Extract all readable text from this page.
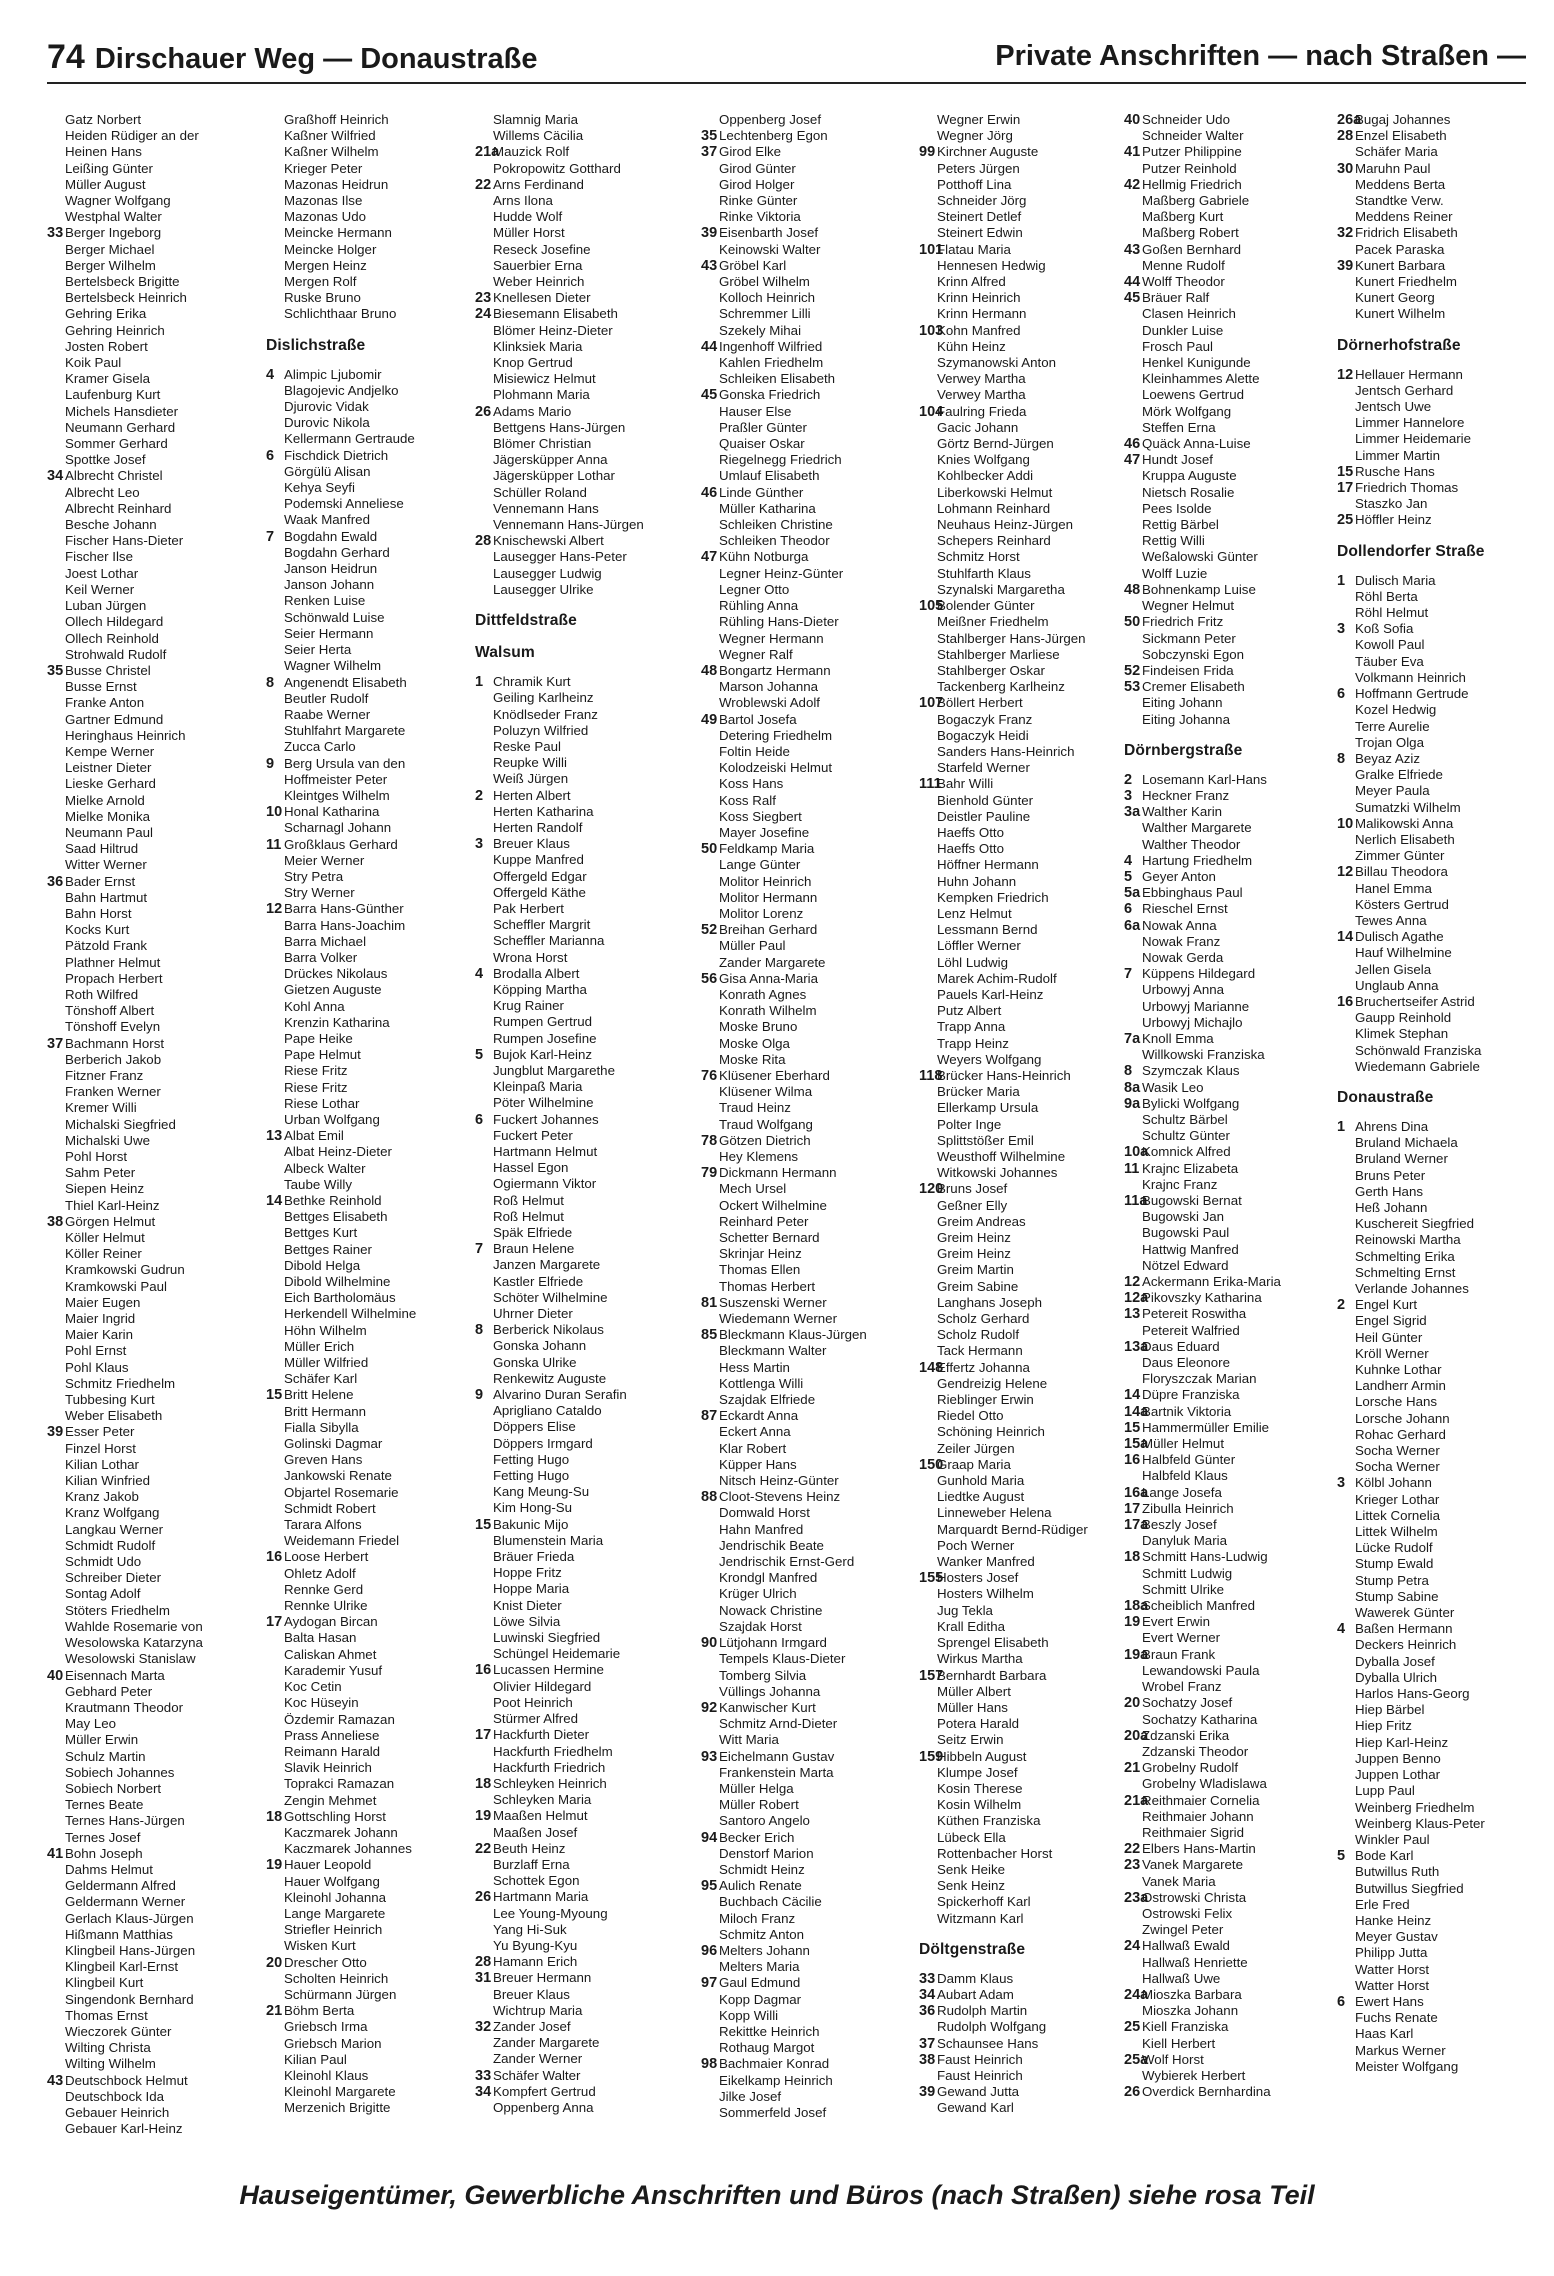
74 Dirschauer Weg — Donaustraße	Private Anschriften — nach Straßen —
Gatz Norbert
Heiden Rüdiger an der
Heinen Hans
Leißing Günter
Müller August
Wagner Wolfgang
Westphal Walter
33 Berger Ingeborg
Berger Michael
Berger Wilhelm
Bertelsbeck Brigitte
Bertelsbeck Heinrich
Gehring Erika
Gehring Heinrich
Josten Robert
Koik Paul
Kramer Gisela
Laufenburg Kurt
Michels Hansdieter
Neumann Gerhard
Sommer Gerhard
Spottke Josef
34 Albrecht Christel
Albrecht Leo
Albrecht Reinhard
Besche Johann
Fischer Hans-Dieter
Fischer Ilse
Joest Lothar
Keil Werner
Luban Jürgen
Ollech Hildegard
Ollech Reinhold
Strohwald Rudolf
35 Busse Christel
Busse Ernst
Franke Anton
Gartner Edmund
Heringhaus Heinrich
Kempe Werner
Leistner Dieter
Lieske Gerhard
Mielke Arnold
Mielke Monika
Neumann Paul
Saad Hiltrud
Witter Werner
36 Bader Ernst
Bahn Hartmut
Bahn Horst
Kocks Kurt
Pätzold Frank
Plathner Helmut
Propach Herbert
Roth Wilfred
Tönshoff Albert
Tönshoff Evelyn
37 Bachmann Horst
Berberich Jakob
Fitzner Franz
Franken Werner
Kremer Willi
Michalski Siegfried
Michalski Uwe
Pohl Horst
Sahm Peter
Siepen Heinz
Thiel Karl-Heinz
38 Görgen Helmut
Köller Helmut
Köller Reiner
Kramkowski Gudrun
Kramkowski Paul
Maier Eugen
Maier Ingrid
Maier Karin
Pohl Ernst
Pohl Klaus
Schmitz Friedhelm
Tubbesing Kurt
Weber Elisabeth
39 Esser Peter
Finzel Horst
Kilian Lothar
Kilian Winfried
Kranz Jakob
Kranz Wolfgang
Langkau Werner
Schmidt Rudolf
Schmidt Udo
Schreiber Dieter
Sontag Adolf
Stöters Friedhelm
Wahlde Rosemarie von
Wesolowska Katarzyna
Wesolowski Stanislaw
40 Eisennach Marta
Gebhard Peter
Krautmann Theodor
May Leo
Müller Erwin
Schulz Martin
Sobiech Johannes
Sobiech Norbert
Ternes Beate
Ternes Hans-Jürgen
Ternes Josef
41 Bohn Joseph
Dahms Helmut
Geldermann Alfred
Geldermann Werner
Gerlach Klaus-Jürgen
Hißmann Matthias
Klingbeil Hans-Jürgen
Klingbeil Karl-Ernst
Klingbeil Kurt
Singendonk Bernhard
Thomas Ernst
Wieczorek Günter
Wilting Christa
Wilting Wilhelm
43 Deutschbock Helmut
Deutschbock Ida
Gebauer Heinrich
Gebauer Karl-Heinz
Graßhoff Heinrich
Kaßner Wilfried
Kaßner Wilhelm
Krieger Peter
Mazonas Heidrun
Mazonas Ilse
Mazonas Udo
Meincke Hermann
Meincke Holger
Mergen Heinz
Mergen Rolf
Ruske Bruno
Schlichthaar Bruno
Dislichstraße
4 Alimpic Ljubomir
Blagojevic Andjelko
Djurovic Vidak
Durovic Nikola
Kellermann Gertraude
6 Fischdick Dietrich
Görgülü Alisan
Kehya Seyfi
Podemski Anneliese
Waak Manfred
7 Bogdahn Ewald
Bogdahn Gerhard
Janson Heidrun
Janson Johann
Renken Luise
Schönwald Luise
Seier Hermann
Seier Herta
Wagner Wilhelm
8 Angenendt Elisabeth
Beutler Rudolf
Raabe Werner
Stuhlfahrt Margarete
Zucca Carlo
9 Berg Ursula van den
Hoffmeister Peter
Kleintges Wilhelm
10 Honal Katharina
Scharnagl Johann
11 Großklaus Gerhard
Meier Werner
Stry Petra
Stry Werner
12 Barra Hans-Günther
Barra Hans-Joachim
Barra Michael
Barra Volker
Drückes Nikolaus
Gietzen Auguste
Kohl Anna
Krenzin Katharina
Pape Heike
Pape Helmut
Riese Fritz
Riese Fritz
Riese Lothar
Urban Wolfgang
13 Albat Emil
Albat Heinz-Dieter
Albeck Walter
Taube Willy
14 Bethke Reinhold
Bettges Elisabeth
Bettges Kurt
Bettges Rainer
Dibold Helga
Dibold Wilhelmine
Eich Bartholomäus
Herkendell Wilhelmine
Höhn Wilhelm
Müller Erich
Müller Wilfried
Schäfer Karl
15 Britt Helene
Britt Hermann
Fialla Sibylla
Golinski Dagmar
Greven Hans
Jankowski Renate
Objartel Rosemarie
Schmidt Robert
Tarara Alfons
Weidemann Friedel
16 Loose Herbert
Ohletz Adolf
Rennke Gerd
Rennke Ulrike
17 Aydogan Bircan
Balta Hasan
Caliskan Ahmet
Karademir Yusuf
Koc Cetin
Koc Hüseyin
Özdemir Ramazan
Prass Anneliese
Reimann Harald
Slavik Heinrich
Toprakci Ramazan
Zengin Mehmet
18 Gottschling Horst
Kaczmarek Johann
Kaczmarek Johannes
19 Hauer Leopold
Hauer Wolfgang
Kleinohl Johanna
Lange Margarete
Striefler Heinrich
Wisken Kurt
20 Drescher Otto
Scholten Heinrich
Schürmann Jürgen
21 Böhm Berta
Griebsch Irma
Griebsch Marion
Kilian Paul
Kleinohl Klaus
Kleinohl Margarete
Merzenich Brigitte
Slamnig Maria
Willems Cäcilia
21a
Mauzick Rolf
Pokropowitz Gotthard
22 Arns Ferdinand
Arns Ilona
Hudde Wolf
Müller Horst
Reseck Josefine
Sauerbier Erna
Weber Heinrich
23 Knellesen Dieter
24 Biesemann Elisabeth
Blömer Heinz-Dieter
Klinksiek Maria
Knop Gertrud
Misiewicz Helmut
Plohmann Maria
26 Adams Mario
Bettgens Hans-Jürgen
Blömer Christian
Jägersküpper Anna
Jägersküpper Lothar
Schüller Roland
Vennemann Hans
Vennemann Hans-Jürgen
28 Knischewski Albert
Lausegger Hans-Peter
Lausegger Ludwig
Lausegger Ulrike
Dittfeldstraße
Walsum
1 Chramik Kurt
Geiling Karlheinz
Knödlseder Franz
Poluzyn Wilfried
Reske Paul
Reupke Willi
Weiß Jürgen
2 Herten Albert
Herten Katharina
Herten Randolf
3 Breuer Klaus
Kuppe Manfred
Offergeld Edgar
Offergeld Käthe
Pak Herbert
Scheffler Margrit
Scheffler Marianna
Wrona Horst
4 Brodalla Albert
Köpping Martha
Krug Rainer
Rumpen Gertrud
Rumpen Josefine
5 Bujok Karl-Heinz
Jungblut Margarethe
Kleinpaß Maria
Pöter Wilhelmine
6 Fuckert Johannes
Fuckert Peter
Hartmann Helmut
Hassel Egon
Ogiermann Viktor
Roß Helmut
Roß Helmut
Späk Elfriede
7 Braun Helene
Janzen Margarete
Kastler Elfriede
Schöter Wilhelmine
Uhrner Dieter
8 Berberick Nikolaus
Gonska Johann
Gonska Ulrike
Renkewitz Auguste
9 Alvarino Duran Serafin
Aprigliano Cataldo
Döppers Elise
Döppers Irmgard
Fetting Hugo
Fetting Hugo
Kang Meung-Su
Kim Hong-Su
15 Bakunic Mijo
Blumenstein Maria
Bräuer Frieda
Hoppe Fritz
Hoppe Maria
Knist Dieter
Löwe Silvia
Luwinski Siegfried
Schüngel Heidemarie
16 Lucassen Hermine
Olivier Hildegard
Poot Heinrich
Stürmer Alfred
17 Hackfurth Dieter
Hackfurth Friedhelm
Hackfurth Friedrich
18 Schleyken Heinrich
Schleyken Maria
19 Maaßen Helmut
Maaßen Josef
22 Beuth Heinz
Burzlaff Erna
Schottek Egon
26 Hartmann Maria
Lee Young-Myoung
Yang Hi-Suk
Yu Byung-Kyu
28 Hamann Erich
31 Breuer Hermann
Breuer Klaus
Wichtrup Maria
32 Zander Josef
Zander Margarete
Zander Werner
33 Schäfer Walter
34 Kompfert Gertrud
Oppenberg Anna
Oppenberg Josef
35 Lechtenberg Egon
37 Girod Elke
Girod Günter
Girod Holger
Rinke Günter
Rinke Viktoria
39 Eisenbarth Josef
Keinowski Walter
43 Gröbel Karl
Gröbel Wilhelm
Kolloch Heinrich
Schremmer Lilli
Szekely Mihai
44 Ingenhoff Wilfried
Kahlen Friedhelm
Schleiken Elisabeth
45 Gonska Friedrich
Hauser Else
Praßler Günter
Quaiser Oskar
Riegelnegg Friedrich
Umlauf Elisabeth
46 Linde Günther
Müller Katharina
Schleiken Christine
Schleiken Theodor
47 Kühn Notburga
Legner Heinz-Günter
Legner Otto
Rühling Anna
Rühling Hans-Dieter
Wegner Hermann
Wegner Ralf
48 Bongartz Hermann
Marson Johanna
Wroblewski Adolf
49 Bartol Josefa
Detering Friedhelm
Foltin Heide
Kolodzeiski Helmut
Koss Hans
Koss Ralf
Koss Siegbert
Mayer Josefine
50 Feldkamp Maria
Lange Günter
Molitor Heinrich
Molitor Hermann
Molitor Lorenz
52 Breihan Gerhard
Müller Paul
Zander Margarete
56 Gisa Anna-Maria
Konrath Agnes
Konrath Wilhelm
Moske Bruno
Moske Olga
Moske Rita
76 Klüsener Eberhard
Klüsener Wilma
Traud Heinz
Traud Wolfgang
78 Götzen Dietrich
Hey Klemens
79 Dickmann Hermann
Mech Ursel
Ockert Wilhelmine
Reinhard Peter
Schetter Bernard
Skrinjar Heinz
Thomas Ellen
Thomas Herbert
81 Suszenski Werner
Wiedemann Werner
85 Bleckmann Klaus-Jürgen
Bleckmann Walter
Hess Martin
Kottlenga Willi
Szajdak Elfriede
87 Eckardt Anna
Eckert Anna
Klar Robert
Küpper Hans
Nitsch Heinz-Günter
88 Cloot-Stevens Heinz
Domwald Horst
Hahn Manfred
Jendrischik Beate
Jendrischik Ernst-Gerd
Krondgl Manfred
Krüger Ulrich
Nowack Christine
Szajdak Horst
90 Lütjohann Irmgard
Tempels Klaus-Dieter
Tomberg Silvia
Vüllings Johanna
92 Kanwischer Kurt
Schmitz Arnd-Dieter
Witt Maria
93 Eichelmann Gustav
Frankenstein Marta
Müller Helga
Müller Robert
Santoro Angelo
94 Becker Erich
Denstorf Marion
Schmidt Heinz
95 Aulich Renate
Buchbach Cäcilie
Miloch Franz
Schmitz Anton
96 Melters Johann
Melters Maria
97 Gaul Edmund
Kopp Dagmar
Kopp Willi
Rekittke Heinrich
Rothaug Margot
98 Bachmaier Konrad
Eikelkamp Heinrich
Jilke Josef
Sommerfeld Josef
Wegner Erwin
Wegner Jörg
99 Kirchner Auguste
Peters Jürgen
Potthoff Lina
Schneider Jörg
Steinert Detlef
Steinert Edwin
101
Flatau Maria
Hennesen Hedwig
Krinn Alfred
Krinn Heinrich
Krinn Hermann
103
Kohn Manfred
Kühn Heinz
Szymanowski Anton
Verwey Martha
Verwey Martha
104
Faulring Frieda
Gacic Johann
Görtz Bernd-Jürgen
Knies Wolfgang
Kohlbecker Addi
Liberkowski Helmut
Lohmann Reinhard
Neuhaus Heinz-Jürgen
Schepers Reinhard
Schmitz Horst
Stuhlfarth Klaus
Szynalski Margaretha
105
Bolender Günter
Meißner Friedhelm
Stahlberger Hans-Jürgen
Stahlberger Marliese
Stahlberger Oskar
Tackenberg Karlheinz
107
Böllert Herbert
Bogaczyk Franz
Bogaczyk Heidi
Sanders Hans-Heinrich
Starfeld Werner
111
Bahr Willi
Bienhold Günter
Deistler Pauline
Haeffs Otto
Haeffs Otto
Höffner Hermann
Huhn Johann
Kempken Friedrich
Lenz Helmut
Lessmann Bernd
Löffler Werner
Löhl Ludwig
Marek Achim-Rudolf
Pauels Karl-Heinz
Putz Albert
Trapp Anna
Trapp Heinz
Weyers Wolfgang
118
Brücker Hans-Heinrich
Brücker Maria
Ellerkamp Ursula
Polter Inge
Splittstößer Emil
Weusthoff Wilhelmine
Witkowski Johannes
120
Bruns Josef
Geßner Elly
Greim Andreas
Greim Heinz
Greim Heinz
Greim Martin
Greim Sabine
Langhans Joseph
Scholz Gerhard
Scholz Rudolf
Tack Hermann
148
Effertz Johanna
Gendreizig Helene
Rieblinger Erwin
Riedel Otto
Schöning Heinrich
Zeiler Jürgen
150
Graap Maria
Gunhold Maria
Liedtke August
Linneweber Helena
Marquardt Bernd-Rüdiger
Poch Werner
Wanker Manfred
155
Hosters Josef
Hosters Wilhelm
Jug Tekla
Krall Editha
Sprengel Elisabeth
Wirkus Martha
157
Bernhardt Barbara
Müller Albert
Müller Hans
Potera Harald
Seitz Erwin
159
Hibbeln August
Klumpe Josef
Kosin Therese
Kosin Wilhelm
Küthen Franziska
Lübeck Ella
Rottenbacher Horst
Senk Heike
Senk Heinz
Spickerhoff Karl
Witzmann Karl
Döltgenstraße
33 Damm Klaus
34 Aubart Adam
36 Rudolph Martin
Rudolph Wolfgang
37 Schaunsee Hans
38 Faust Heinrich
Faust Heinrich
39 Gewand Jutta
Gewand Karl
40 Schneider Udo
Schneider Walter
41 Putzer Philippine
Putzer Reinhold
42 Hellmig Friedrich
Maßberg Gabriele
Maßberg Kurt
Maßberg Robert
43 Goßen Bernhard
Menne Rudolf
44 Wolff Theodor
45 Bräuer Ralf
Clasen Heinrich
Dunkler Luise
Frosch Paul
Henkel Kunigunde
Kleinhammes Alette
Loewens Gertrud
Mörk Wolfgang
Steffen Erna
46 Quäck Anna-Luise
47 Hundt Josef
Kruppa Auguste
Nietsch Rosalie
Pees Isolde
Rettig Bärbel
Rettig Willi
Weßalowski Günter
Wolff Luzie
48 Bohnenkamp Luise
Wegner Helmut
50 Friedrich Fritz
Sickmann Peter
Sobczynski Egon
52 Findeisen Frida
53 Cremer Elisabeth
Eiting Johann
Eiting Johanna
Dörnbergstraße
2 Losemann Karl-Hans
3 Heckner Franz
3a Walther Karin
Walther Margarete
Walther Theodor
4 Hartung Friedhelm
5 Geyer Anton
5a Ebbinghaus Paul
6 Rieschel Ernst
6a Nowak Anna
Nowak Franz
Nowak Gerda
7 Küppens Hildegard
Urbowyj Anna
Urbowyj Marianne
Urbowyj Michajlo
7a Knoll Emma
Willkowski Franziska
8 Szymczak Klaus
8a Wasik Leo
9a Bylicki Wolfgang
Schultz Bärbel
Schultz Günter
10a
Komnick Alfred
11 Krajnc Elizabeta
Krajnc Franz
11a
Bugowski Bernat
Bugowski Jan
Bugowski Paul
Hattwig Manfred
Nötzel Edward
12 Ackermann Erika-Maria
12a
Pikovszky Katharina
13 Petereit Roswitha
Petereit Walfried
13a
Daus Eduard
Daus Eleonore
Floryszczak Marian
14 Düpre Franziska
14a
Bartnik Viktoria
15 Hammermüller Emilie
15a
Müller Helmut
16 Halbfeld Günter
Halbfeld Klaus
16a
Lange Josefa
17 Zibulla Heinrich
17a
Beszly Josef
Danyluk Maria
18 Schmitt Hans-Ludwig
Schmitt Ludwig
Schmitt Ulrike
18a
Scheiblich Manfred
19 Evert Erwin
Evert Werner
19a
Braun Frank
Lewandowski Paula
Wrobel Franz
20 Sochatzy Josef
Sochatzy Katharina
20a
Zdzanski Erika
Zdzanski Theodor
21 Grobelny Rudolf
Grobelny Wladislawa
21a
Reithmaier Cornelia
Reithmaier Johann
Reithmaier Sigrid
22 Elbers Hans-Martin
23 Vanek Margarete
Vanek Maria
23a
Ostrowski Christa
Ostrowski Felix
Zwingel Peter
24 Hallwaß Ewald
Hallwaß Henriette
Hallwaß Uwe
24a
Mioszka Barbara
Mioszka Johann
25 Kiell Franziska
Kiell Herbert
25a
Wolf Horst
Wybierek Herbert
26 Overdick Bernhardina
26a
Bugaj Johannes
28 Enzel Elisabeth
Schäfer Maria
30 Maruhn Paul
Meddens Berta
Standtke Verw.
Meddens Reiner
32 Fridrich Elisabeth
Pacek Paraska
39 Kunert Barbara
Kunert Friedhelm
Kunert Georg
Kunert Wilhelm
Dörnerhofstraße
12 Hellauer Hermann
Jentsch Gerhard
Jentsch Uwe
Limmer Hannelore
Limmer Heidemarie
Limmer Martin
15 Rusche Hans
17 Friedrich Thomas
Staszko Jan
25 Höffler Heinz
Dollendorfer Straße
1 Dulisch Maria
Röhl Berta
Röhl Helmut
3 Koß Sofia
Kowoll Paul
Täuber Eva
Volkmann Heinrich
6 Hoffmann Gertrude
Kozel Hedwig
Terre Aurelie
Trojan Olga
8 Beyaz Aziz
Gralke Elfriede
Meyer Paula
Sumatzki Wilhelm
10 Malikowski Anna
Nerlich Elisabeth
Zimmer Günter
12 Billau Theodora
Hanel Emma
Kösters Gertrud
Tewes Anna
14 Dulisch Agathe
Hauf Wilhelmine
Jellen Gisela
Unglaub Anna
16 Bruchertseifer Astrid
Gaupp Reinhold
Klimek Stephan
Schönwald Franziska
Wiedemann Gabriele
Donaustraße
1 Ahrens Dina
Bruland Michaela
Bruland Werner
Bruns Peter
Gerth Hans
Heß Johann
Kuschereit Siegfried
Reinowski Martha
Schmelting Erika
Schmelting Ernst
Verlande Johannes
2 Engel Kurt
Engel Sigrid
Heil Günter
Kröll Werner
Kuhnke Lothar
Landherr Armin
Lorsche Hans
Lorsche Johann
Rohac Gerhard
Socha Werner
Socha Werner
3 Kölbl Johann
Krieger Lothar
Littek Cornelia
Littek Wilhelm
Lücke Rudolf
Stump Ewald
Stump Petra
Stump Sabine
Wawerek Günter
4 Baßen Hermann
Deckers Heinrich
Dyballa Josef
Dyballa Ulrich
Harlos Hans-Georg
Hiep Bärbel
Hiep Fritz
Hiep Karl-Heinz
Juppen Benno
Juppen Lothar
Lupp Paul
Weinberg Friedhelm
Weinberg Klaus-Peter
Winkler Paul
5 Bode Karl
Butwillus Ruth
Butwillus Siegfried
Erle Fred
Hanke Heinz
Meyer Gustav
Philipp Jutta
Watter Horst
Watter Horst
6 Ewert Hans
Fuchs Renate
Haas Karl
Markus Werner
Meister Wolfgang
Hauseigentümer, Gewerbliche Anschriften und Büros (nach Straßen) siehe rosa Teil
